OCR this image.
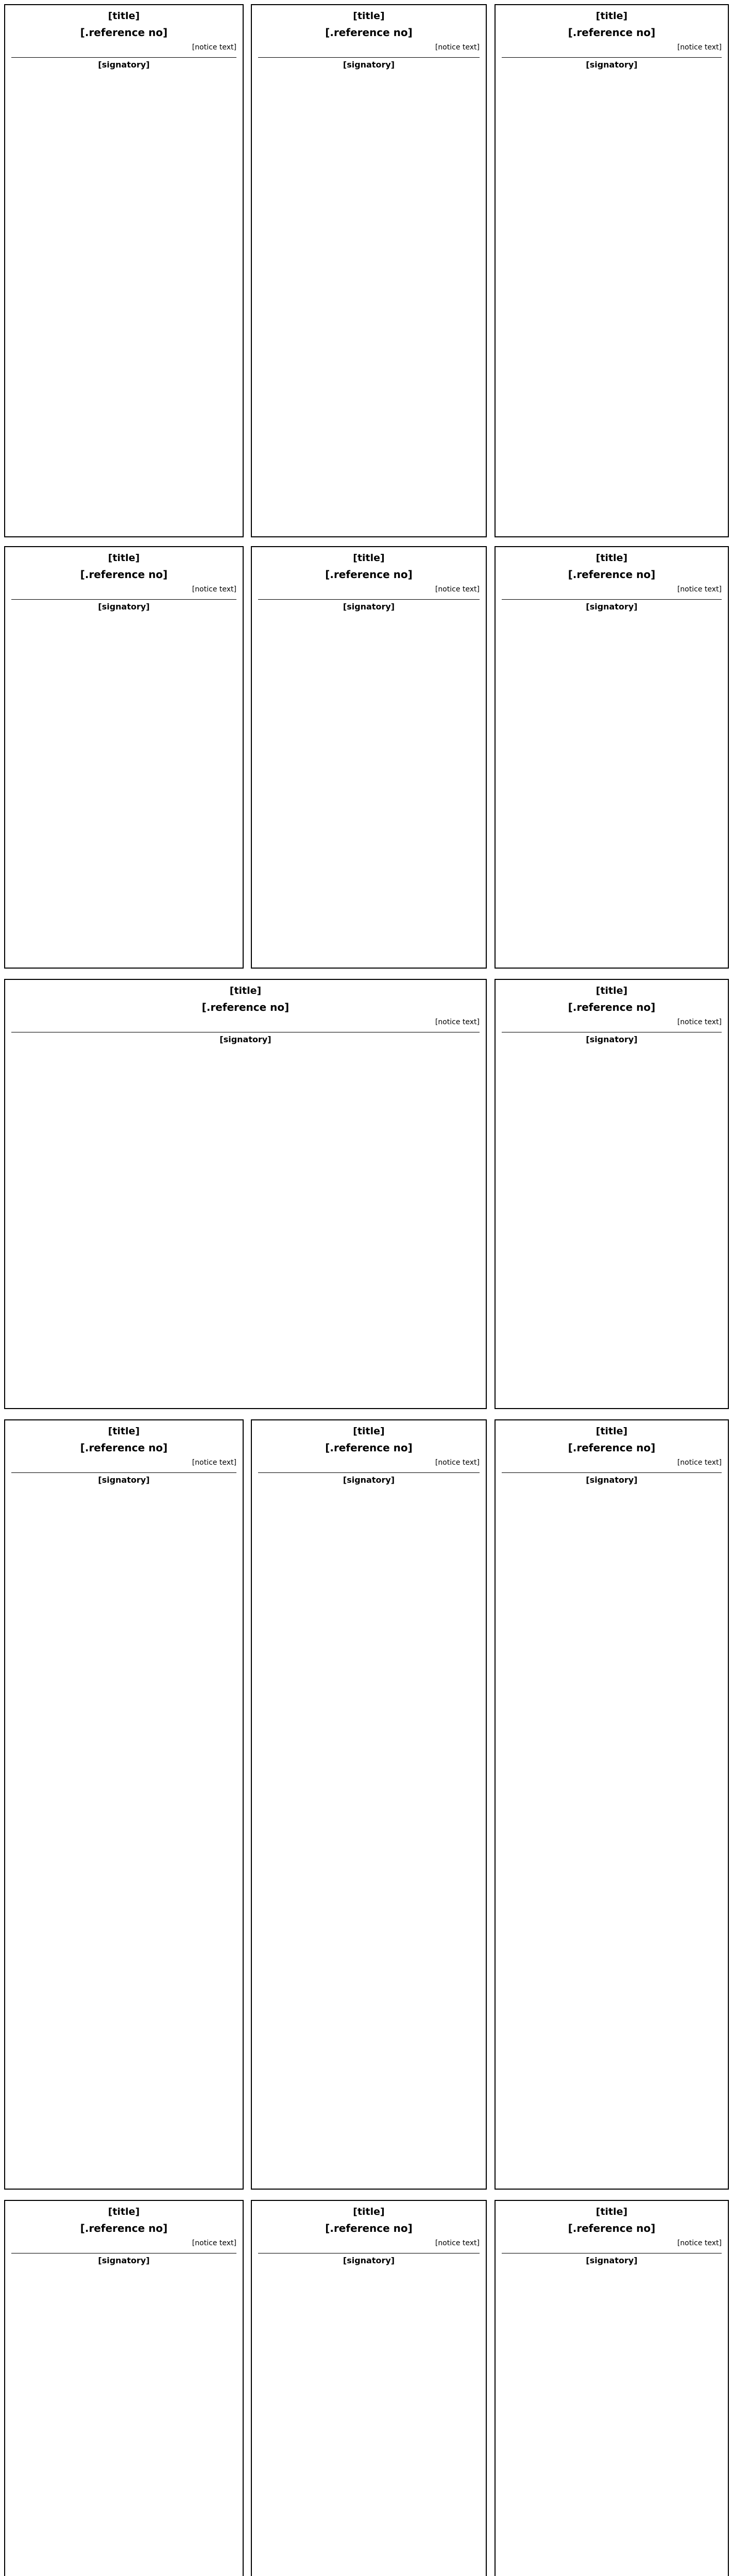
[title]
[reference no.]
[notice text]
[signatory]
[title]
[reference no.]
[notice text]
[signatory]
[title]
[reference no.]
[notice text]
[signatory]
[title]
[reference no.]
[notice text]
[signatory]
[title]
[reference no.]
[notice text]
[signatory]
[title]
[reference no.]
[notice text]
[signatory]
[title]
[reference no.]
[notice text]
[signatory]
[title]
[reference no.]
[notice text]
[signatory]
[title]
[reference no.]
[notice text]
[signatory]
[title]
[reference no.]
[notice text]
[signatory]
[title]
[reference no.]
[notice text]
[signatory]
[title]
[reference no.]
[notice text]
[signatory]
[title]
[reference no.]
[notice text]
[signatory]
[title]
[reference no.]
[notice text]
[signatory]
